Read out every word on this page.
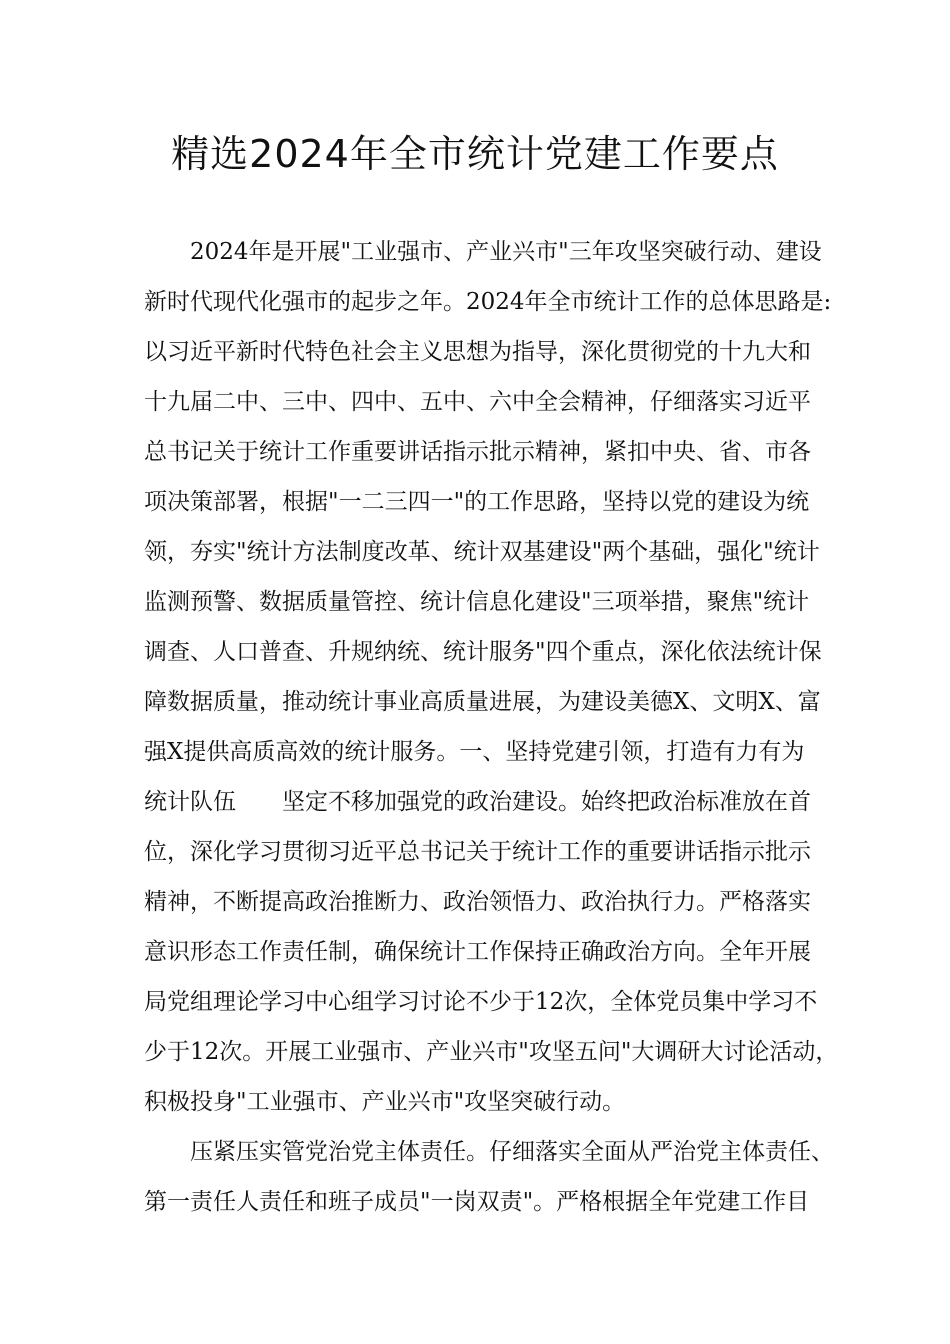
精选2024年全市统计党建工作要点
2024年是开展"工业强市、产业兴市"三年攻坚突破行动、建设
新时代现代化强市的起步之年。2024年全市统计工作的总体思路是:
以习近平新时代特色社会主义思想为指导，深化贯彻党的十九大和
十九届二中、三中、四中、五中、六中全会精神，仔细落实习近平
总书记关于统计工作重要讲话指示批示精神，紧扣中央、省、市各
项决策部署，根据"一二三四一"的工作思路，坚持以党的建设为统
领，夯实"统计方法制度改革、统计双基建设"两个基础，强化"统计
监测预警、数据质量管控、统计信息化建设"三项举措，聚焦"统计
调查、人口普查、升规纳统、统计服务"四个重点，深化依法统计保
障数据质量，推动统计事业高质量进展，为建设美德X、文明X、富
强X提供高质高效的统计服务。一、坚持党建引领，打造有力有为
统计队伍 坚定不移加强党的政治建设。始终把政治标准放在首
位，深化学习贯彻习近平总书记关于统计工作的重要讲话指示批示
精神，不断提高政治推断力、政治领悟力、政治执行力。严格落实
意识形态工作责任制，确保统计工作保持正确政治方向。全年开展
局党组理论学习中心组学习讨论不少于12次，全体党员集中学习不
少于12次。开展工业强市、产业兴市"攻坚五问"大调研大讨论活动，
积极投身"工业强市、产业兴市"攻坚突破行动。
压紧压实管党治党主体责任。仔细落实全面从严治党主体责任、
第一责任人责任和班子成员"一岗双责"。严格根据全年党建工作目
